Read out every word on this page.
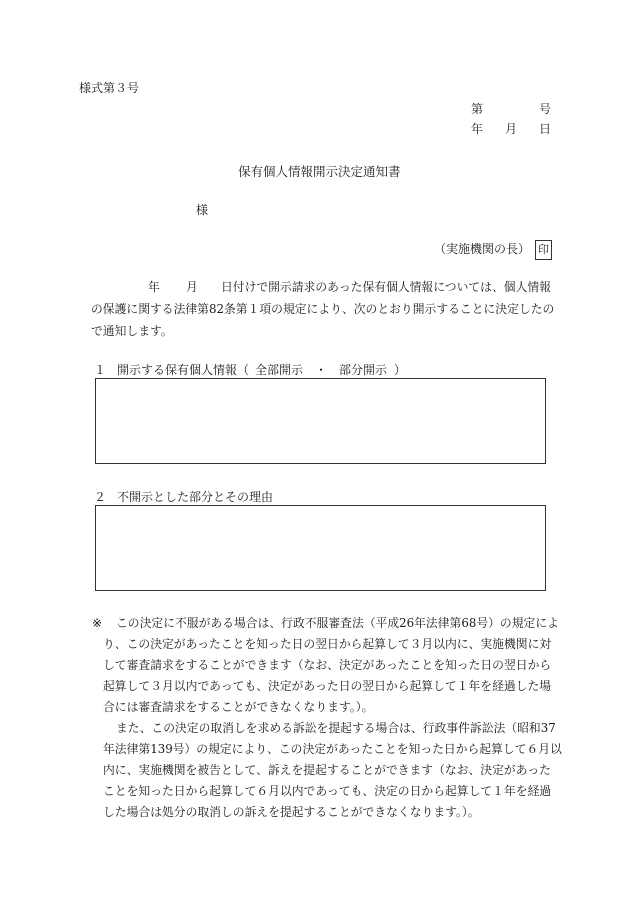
様式第３号
第	号
年 月 日
保有個人情報開示決定通知書
様
（実施機関の長） 印
年 月 日付けで開示請求のあった保有個人情報については、個人情報
の保護に関する法律第82条第１項の規定により、次のとおり開示することに決定したの
で通知します。
１ 開示する保有個人情報（ 全部開示 ・ 部分開示 ）
２ 不開示とした部分とその理由
※ この決定に不服がある場合は、行政不服審査法（平成26年法律第68号）の規定によ
り、この決定があったことを知った日の翌日から起算して３月以内に、実施機関に対
して審査請求をすることができます（なお、決定があったことを知った日の翌日から
起算して３月以内であっても、決定があった日の翌日から起算して１年を経過した場
合には審査請求をすることができなくなります。）。
また、この決定の取消しを求める訴訟を提起する場合は、行政事件訴訟法（昭和37
年法律第139号）の規定により、この決定があったことを知った日から起算して６月以
内に、実施機関を被告として、訴えを提起することができます（なお、決定があった
ことを知った日から起算して６月以内であっても、決定の日から起算して１年を経過
した場合は処分の取消しの訴えを提起することができなくなります。）。
